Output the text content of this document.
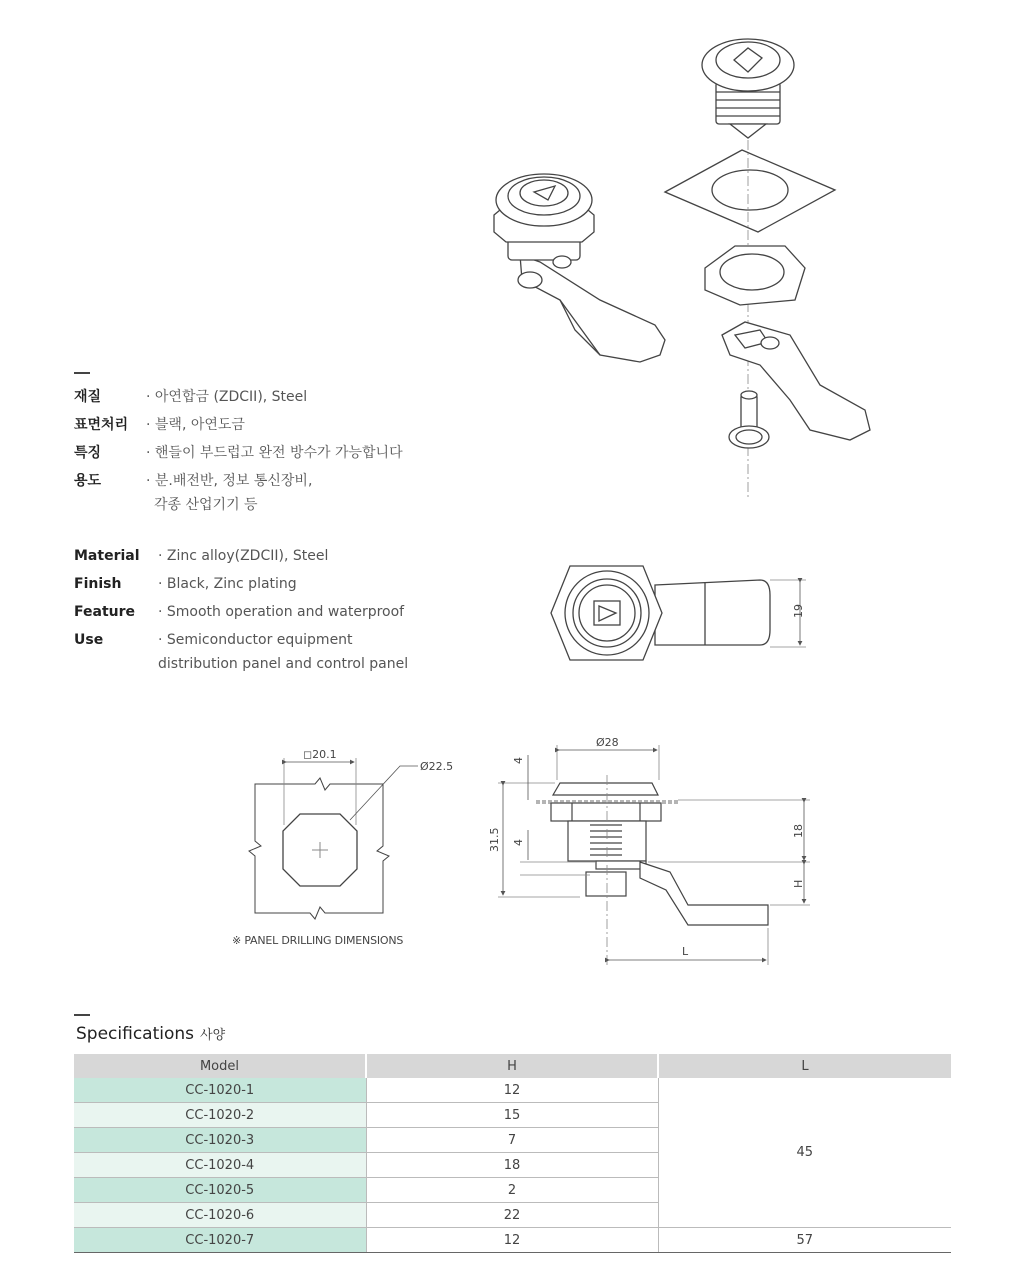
재질	· 아연합금 (ZDCII), Steel
표면처리 · 블랙, 아연도금
특징	· 핸들이 부드럽고 완전 방수가 가능합니다
용도	· 분.배전반, 정보 통신장비,
각종 산업기기 등
Material · Zinc alloy(ZDCII), Steel
Finish	· Black, Zinc plating
Feature · Smooth operation and waterproof
Use	· Semiconductor equipment
distribution panel and control panel
19
◻20.1
Ø22.5
Ø28
4
4
31.5	18
H
L
※ PANEL DRILLING DIMENSIONS
Specifications 사양
Model	H	L
CC-1020-1	12	45
CC-1020-2	15	
CC-1020-3	7	
CC-1020-4	18	
CC-1020-5	2	
CC-1020-6	22	
CC-1020-7	12	57
